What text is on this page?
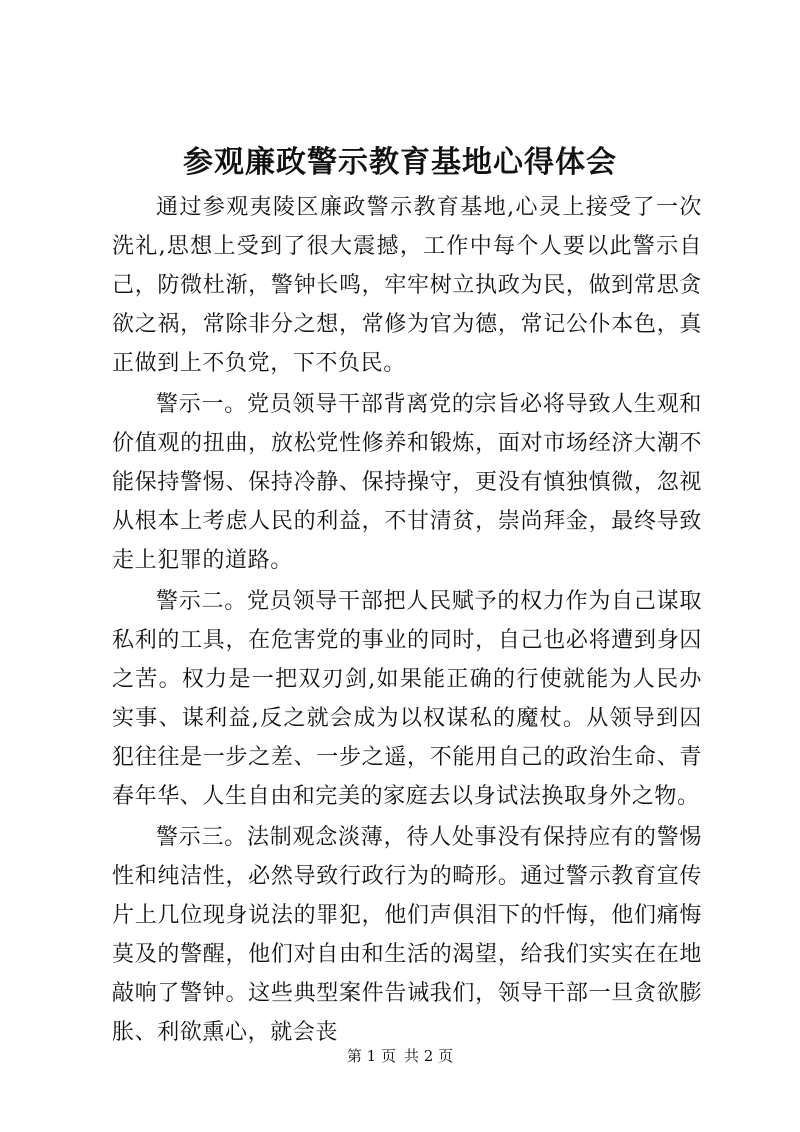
参观廉政警示教育基地心得体会

通过参观夷陵区廉政警示教育基地,心灵上接受了一次洗礼,思想上受到了很大震撼，工作中每个人要以此警示自己，防微杜渐，警钟长鸣，牢牢树立执政为民，做到常思贪欲之祸，常除非分之想，常修为官为德，常记公仆本色，真正做到上不负党，下不负民。

警示一。党员领导干部背离党的宗旨必将导致人生观和价值观的扭曲，放松党性修养和锻炼，面对市场经济大潮不能保持警惕、保持冷静、保持操守，更没有慎独慎微，忽视从根本上考虑人民的利益，不甘清贫，崇尚拜金，最终导致走上犯罪的道路。

警示二。党员领导干部把人民赋予的权力作为自己谋取私利的工具，在危害党的事业的同时，自己也必将遭到身囚之苦。权力是一把双刃剑,如果能正确的行使就能为人民办实事、谋利益,反之就会成为以权谋私的魔杖。从领导到囚犯往往是一步之差、一步之遥，不能用自己的政治生命、青春年华、人生自由和完美的家庭去以身试法换取身外之物。

警示三。法制观念淡薄，待人处事没有保持应有的警惕性和纯洁性，必然导致行政行为的畸形。通过警示教育宣传片上几位现身说法的罪犯，他们声俱泪下的忏悔，他们痛悔莫及的警醒，他们对自由和生活的渴望，给我们实实在在地敲响了警钟。这些典型案件告诫我们，领导干部一旦贪欲膨胀、利欲熏心，就会丧

第 1 页 共 2 页
